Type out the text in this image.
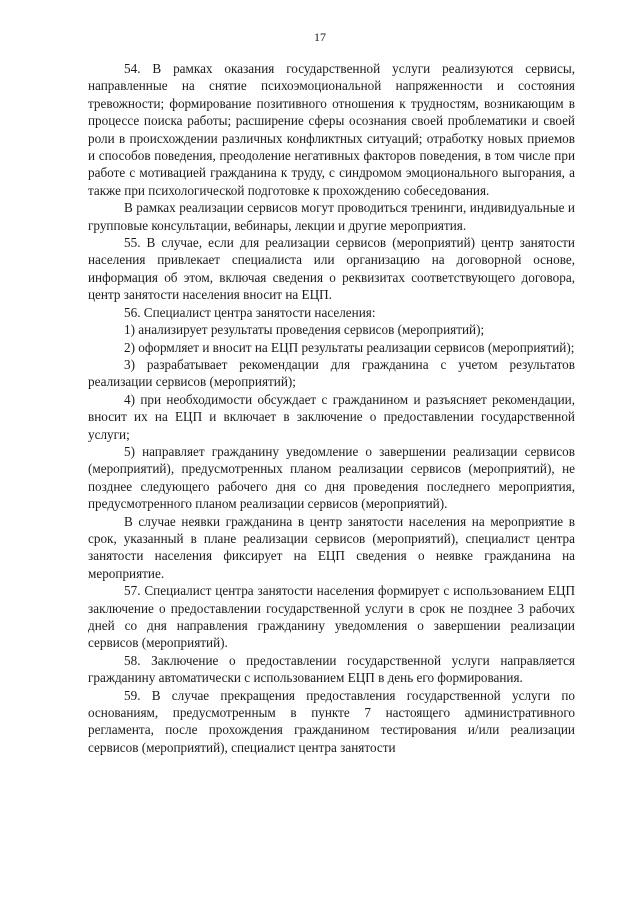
17

54. В рамках оказания государственной услуги реализуются сервисы, направленные на снятие психоэмоциональной напряженности и состояния тревожности; формирование позитивного отношения к трудностям, возникающим в процессе поиска работы; расширение сферы осознания своей проблематики и своей роли в происхождении различных конфликтных ситуаций; отработку новых приемов и способов поведения, преодоление негативных факторов поведения, в том числе при работе с мотивацией гражданина к труду, с синдромом эмоционального выгорания, а также при психологической подготовке к прохождению собеседования.

В рамках реализации сервисов могут проводиться тренинги, индивидуальные и групповые консультации, вебинары, лекции и другие мероприятия.

55. В случае, если для реализации сервисов (мероприятий) центр занятости населения привлекает специалиста или организацию на договорной основе, информация об этом, включая сведения о реквизитах соответствующего договора, центр занятости населения вносит на ЕЦП.

56. Специалист центра занятости населения:

1) анализирует результаты проведения сервисов (мероприятий);

2) оформляет и вносит на ЕЦП результаты реализации сервисов (мероприятий);

3) разрабатывает рекомендации для гражданина с учетом результатов реализации сервисов (мероприятий);

4) при необходимости обсуждает с гражданином и разъясняет рекомендации, вносит их на ЕЦП и включает в заключение о предоставлении государственной услуги;

5) направляет гражданину уведомление о завершении реализации сервисов (мероприятий), предусмотренных планом реализации сервисов (мероприятий), не позднее следующего рабочего дня со дня проведения последнего мероприятия, предусмотренного планом реализации сервисов (мероприятий).

В случае неявки гражданина в центр занятости населения на мероприятие в срок, указанный в плане реализации сервисов (мероприятий), специалист центра занятости населения фиксирует на ЕЦП сведения о неявке гражданина на мероприятие.

57. Специалист центра занятости населения формирует с использованием ЕЦП заключение о предоставлении государственной услуги в срок не позднее 3 рабочих дней со дня направления гражданину уведомления о завершении реализации сервисов (мероприятий).

58. Заключение о предоставлении государственной услуги направляется гражданину автоматически с использованием ЕЦП в день его формирования.

59. В случае прекращения предоставления государственной услуги по основаниям, предусмотренным в пункте 7 настоящего административного регламента, после прохождения гражданином тестирования и/или реализации сервисов (мероприятий), специалист центра занятости
